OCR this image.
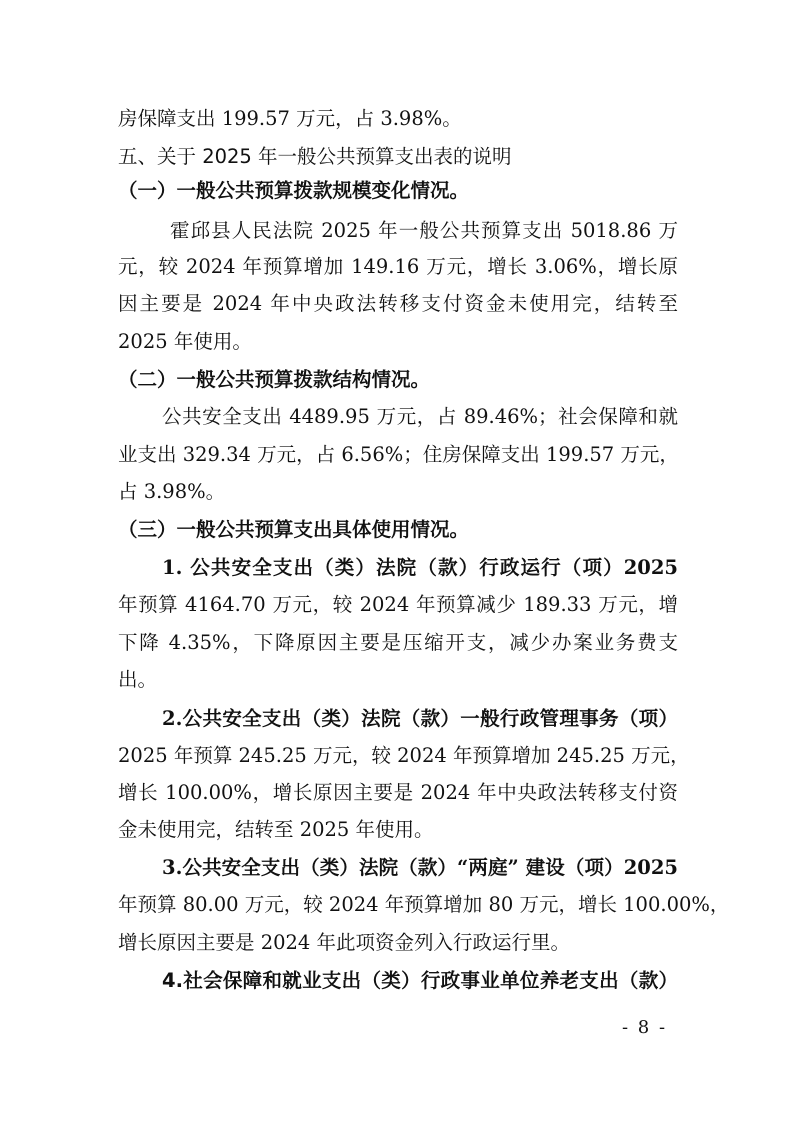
房保障支出 199.57 万元，占 3.98%。
五、关于 2025 年一般公共预算支出表的说明
（一）一般公共预算拨款规模变化情况。
霍邱县人民法院 2025 年一般公共预算支出 5018.86 万
元，较 2024 年预算增加 149.16 万元，增长 3.06%，增长原
因主要是 2024 年中央政法转移支付资金未使用完，结转至
2025 年使用。
（二）一般公共预算拨款结构情况。
公共安全支出 4489.95 万元，占 89.46%；社会保障和就
业支出 329.34 万元，占 6.56%；住房保障支出 199.57 万元，
占 3.98%。
（三）一般公共预算支出具体使用情况。
1. 公共安全支出（类）法院（款）行政运行（项）2025
年预算 4164.70 万元，较 2024 年预算减少 189.33 万元，增
下降 4.35%，下降原因主要是压缩开支，减少办案业务费支
出。
2.公共安全支出（类）法院（款）一般行政管理事务（项）
2025 年预算 245.25 万元，较 2024 年预算增加 245.25 万元，
增长 100.00%，增长原因主要是 2024 年中央政法转移支付资
金未使用完，结转至 2025 年使用。
3.公共安全支出（类）法院（款）“两庭” 建设（项）2025
年预算 80.00 万元，较 2024 年预算增加 80 万元，增长 100.00%，
增长原因主要是 2024 年此项资金列入行政运行里。
4.社会保障和就业支出（类）行政事业单位养老支出（款）
- 8 -
